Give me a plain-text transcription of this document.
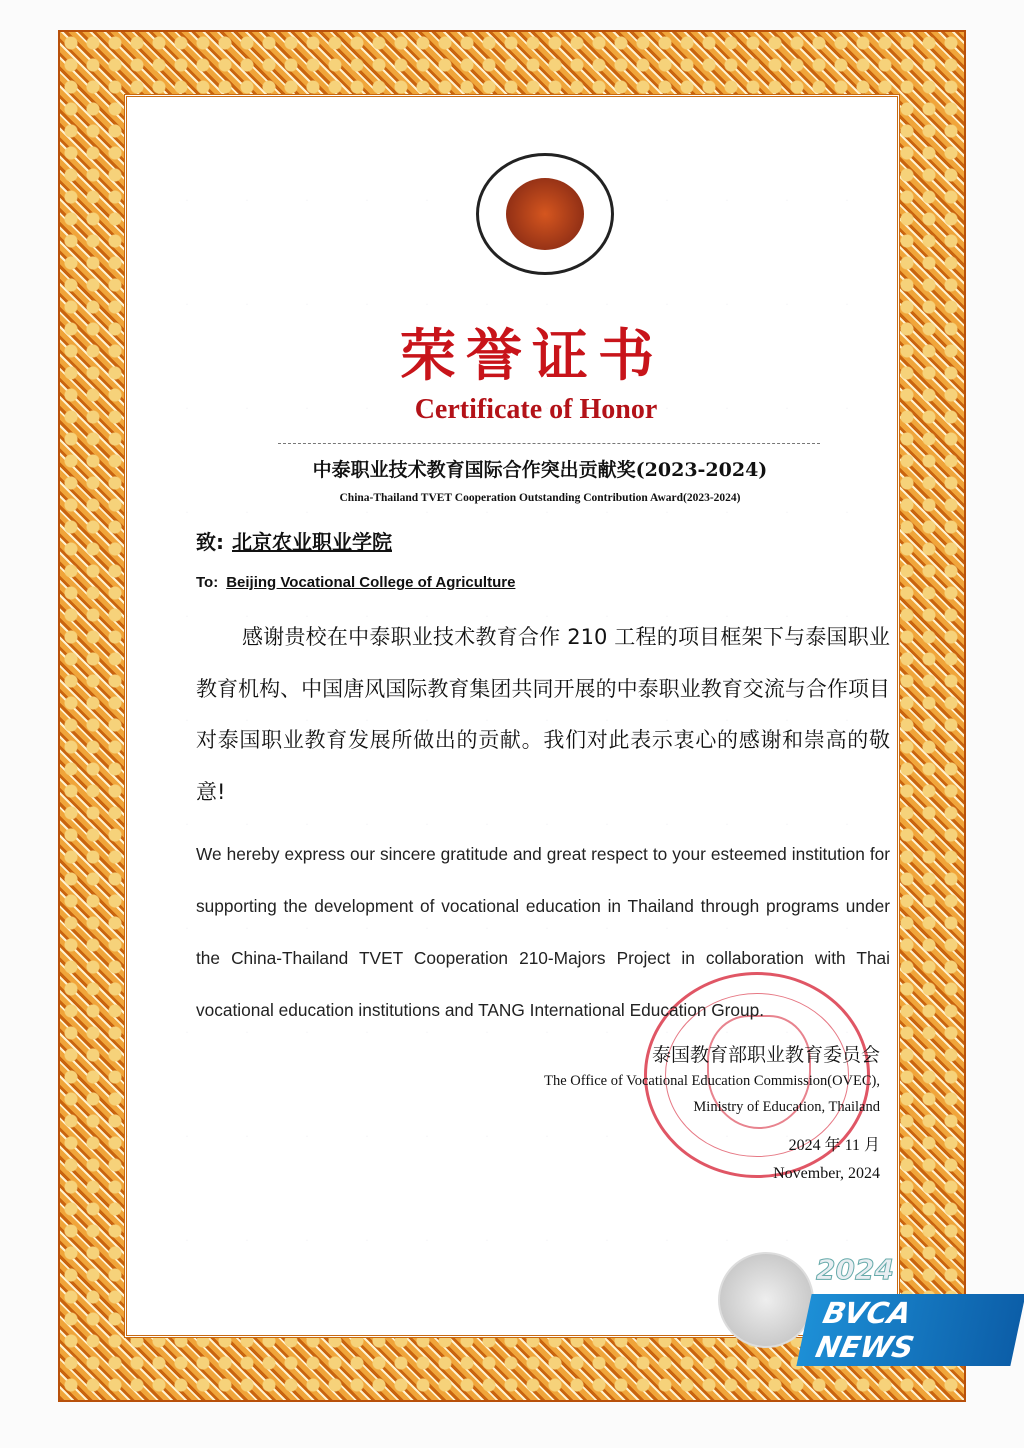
荣誉证书
Certificate of Honor
中泰职业技术教育国际合作突出贡献奖(2023-2024)
China-Thailand TVET Cooperation Outstanding Contribution Award(2023-2024)
致: 北京农业职业学院
To: Beijing Vocational College of Agriculture
感谢贵校在中泰职业技术教育合作 210 工程的项目框架下与泰国职业教育机构、中国唐风国际教育集团共同开展的中泰职业教育交流与合作项目对泰国职业教育发展所做出的贡献。我们对此表示衷心的感谢和崇高的敬意!
We hereby express our sincere gratitude and great respect to your esteemed institution for supporting the development of vocational education in Thailand through programs under the China-Thailand TVET Cooperation 210-Majors Project in collaboration with Thai vocational education institutions and TANG International Education Group.
泰国教育部职业教育委员会
The Office of Vocational Education Commission(OVEC),
Ministry of Education, Thailand
2024 年 11 月
November, 2024
2024
BVCA NEWS
